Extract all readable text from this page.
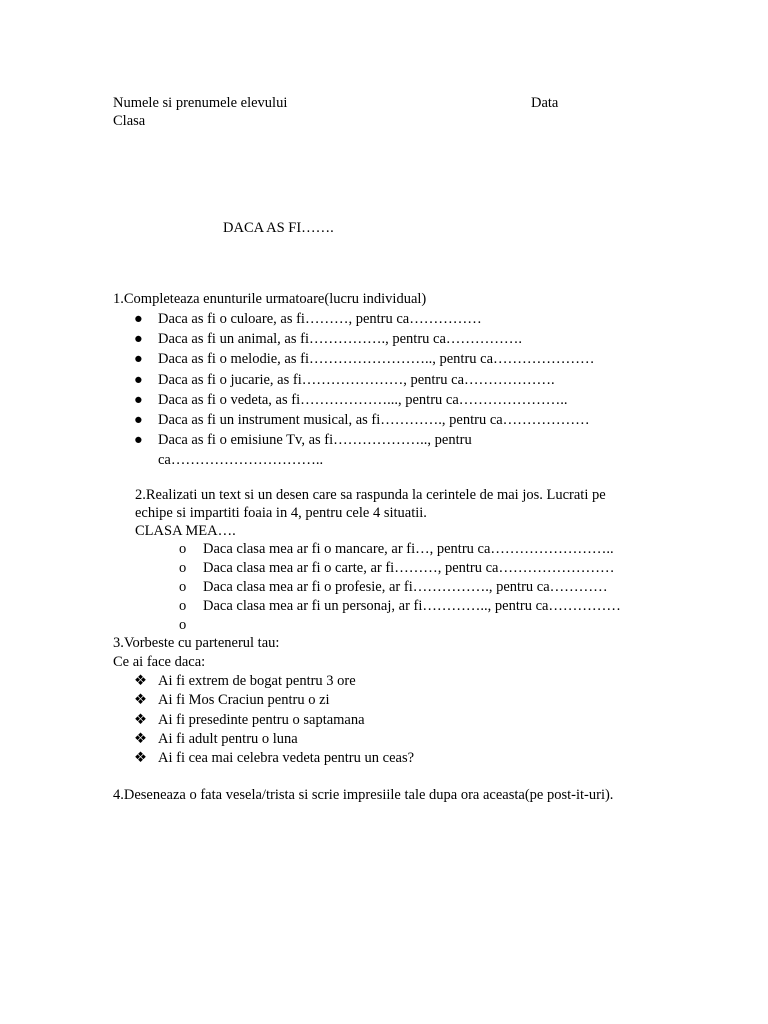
Numele si prenumele elevului	Data
Clasa
DACA AS FI…….
1.Completeaza enunturile urmatoare(lucru individual)
● Daca as fi o culoare, as fi………, pentru ca……………
● Daca as fi un animal, as fi……………., pentru ca…………….
● Daca as fi o melodie, as fi…………………….., pentru ca…………………
● Daca as fi o jucarie, as fi…………………, pentru ca……………….
● Daca as fi o vedeta, as fi………………..., pentru ca…………………..
● Daca as fi un instrument musical, as fi…………., pentru ca………………
● Daca as fi o emisiune Tv, as fi……………….., pentru
ca…………………………..
2.Realizati un text si un desen care sa raspunda la cerintele de mai jos. Lucrati pe
echipe si impartiti foaia in 4, pentru cele 4 situatii.
CLASA MEA….
o Daca clasa mea ar fi o mancare, ar fi…, pentru ca……………………..
o Daca clasa mea ar fi o carte, ar fi………, pentru ca……………………
o Daca clasa mea ar fi o profesie, ar fi……………., pentru ca…………
o Daca clasa mea ar fi un personaj, ar fi………….., pentru ca……………
o
3.Vorbeste cu partenerul tau:
Ce ai face daca:
❖ Ai fi extrem de bogat pentru 3 ore
❖ Ai fi Mos Craciun pentru o zi
❖ Ai fi presedinte pentru o saptamana
❖ Ai fi adult pentru o luna
❖ Ai fi cea mai celebra vedeta pentru un ceas?
4.Deseneaza o fata vesela/trista si scrie impresiile tale dupa ora aceasta(pe post-it-uri).
